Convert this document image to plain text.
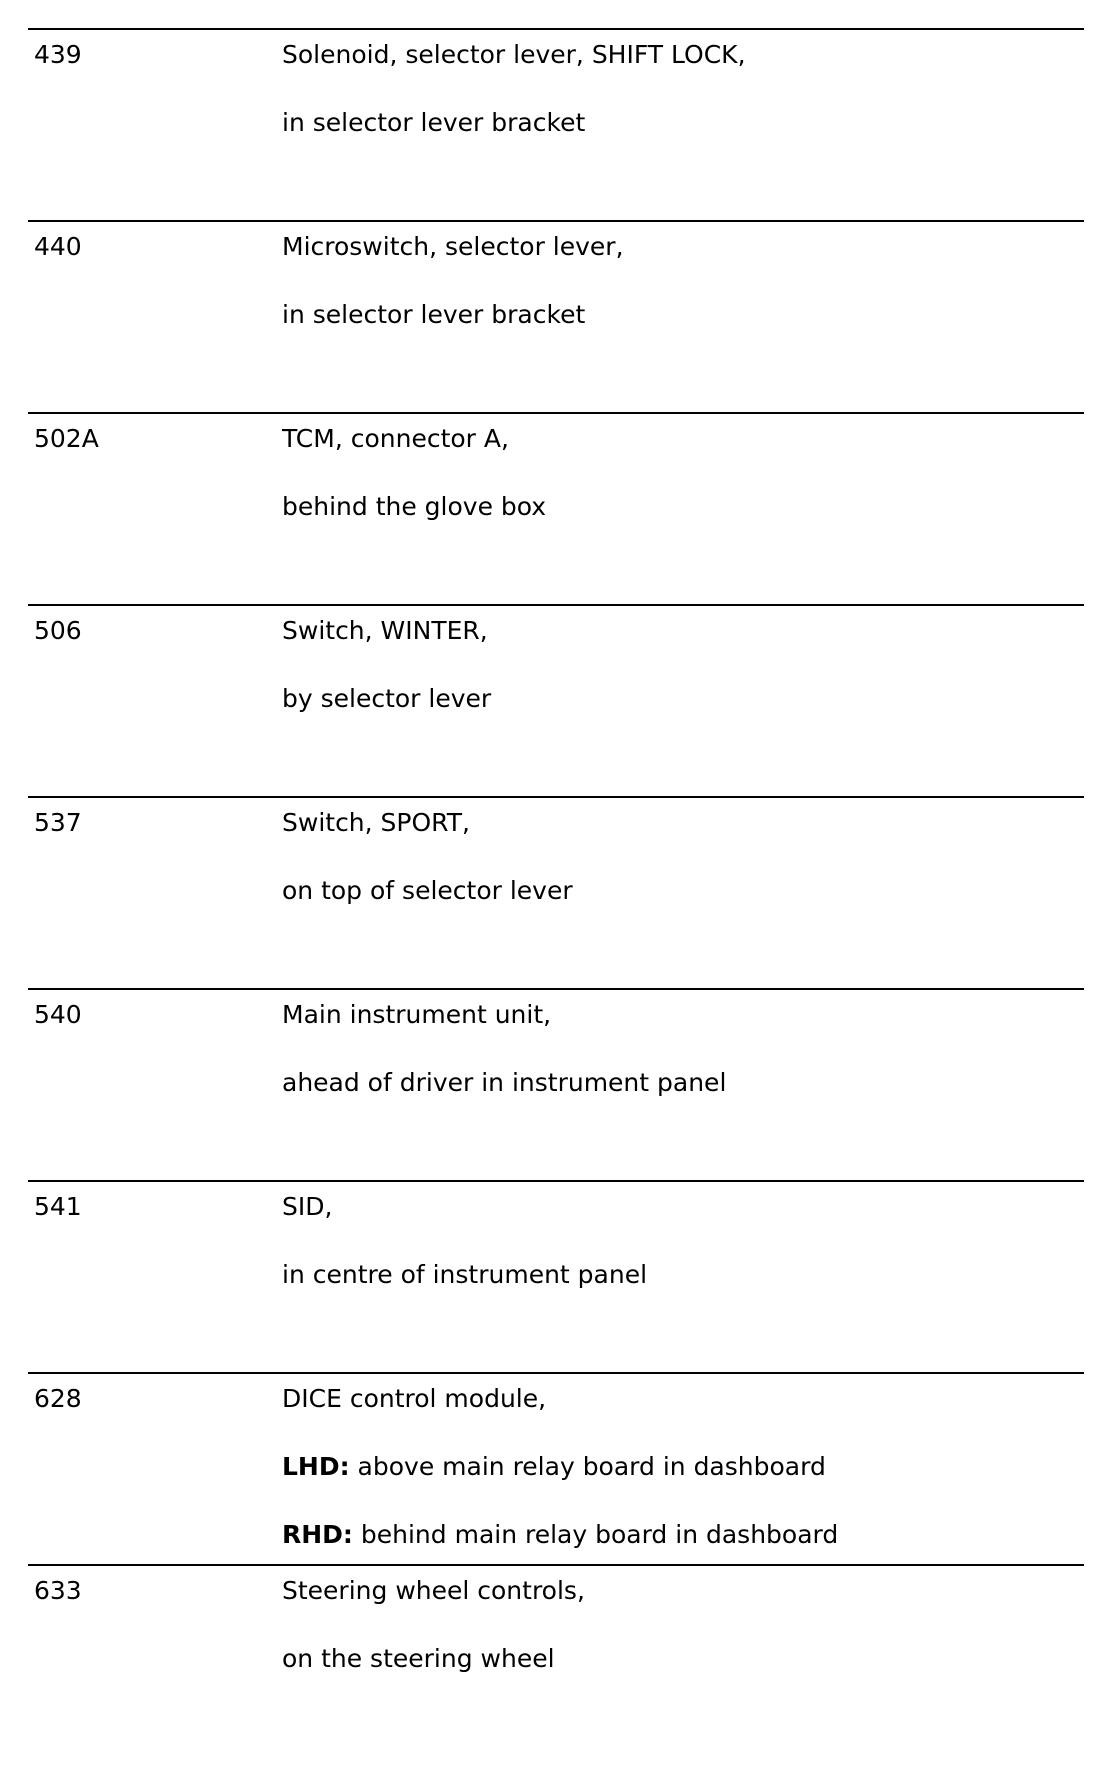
439	Solenoid, selector lever, SHIFT LOCK,
in selector lever bracket
440	Microswitch, selector lever,
in selector lever bracket
502A	TCM, connector A,
behind the glove box
506	Switch, WINTER,
by selector lever
537	Switch, SPORT,
on top of selector lever
540	Main instrument unit,
ahead of driver in instrument panel
541	SID,
in centre of instrument panel
628	DICE control module,
LHD: above main relay board in dashboard
RHD: behind main relay board in dashboard
633	Steering wheel controls,
on the steering wheel
